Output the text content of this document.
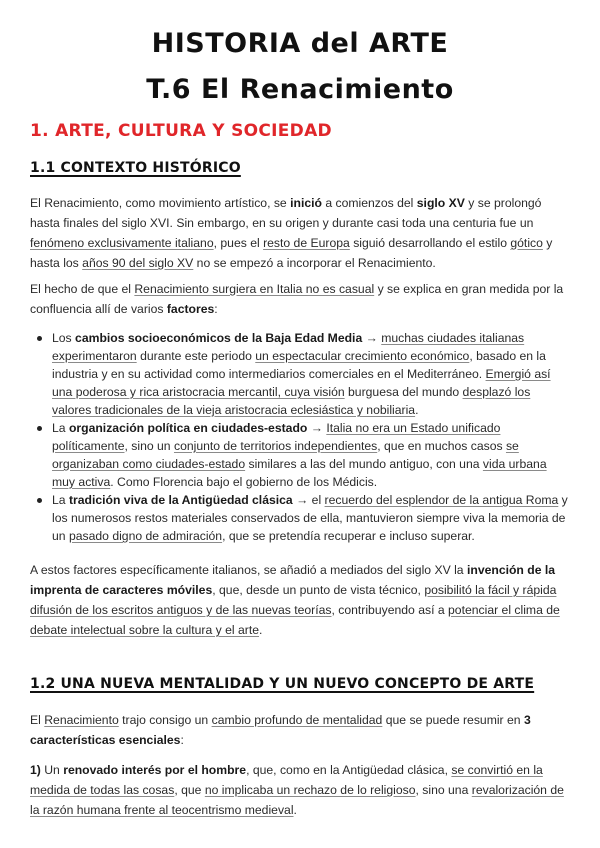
HISTORIA del ARTE
T.6 El Renacimiento
1. ARTE, CULTURA Y SOCIEDAD
1.1 CONTEXTO HISTÓRICO
El Renacimiento, como movimiento artístico, se inició a comienzos del siglo XV y se prolongó hasta finales del siglo XVI. Sin embargo, en su origen y durante casi toda una centuria fue un fenómeno exclusivamente italiano, pues el resto de Europa siguió desarrollando el estilo gótico y hasta los años 90 del siglo XV no se empezó a incorporar el Renacimiento.
El hecho de que el Renacimiento surgiera en Italia no es casual y se explica en gran medida por la confluencia allí de varios factores:
Los cambios socioeconómicos de la Baja Edad Media → muchas ciudades italianas experimentaron durante este periodo un espectacular crecimiento económico, basado en la industria y en su actividad como intermediarios comerciales en el Mediterráneo. Emergió así una poderosa y rica aristocracia mercantil, cuya visión burguesa del mundo desplazó los valores tradicionales de la vieja aristocracia eclesiástica y nobiliaria.
La organización política en ciudades-estado → Italia no era un Estado unificado políticamente, sino un conjunto de territorios independientes, que en muchos casos se organizaban como ciudades-estado similares a las del mundo antiguo, con una vida urbana muy activa. Como Florencia bajo el gobierno de los Médicis.
La tradición viva de la Antigüedad clásica → el recuerdo del esplendor de la antigua Roma y los numerosos restos materiales conservados de ella, mantuvieron siempre viva la memoria de un pasado digno de admiración, que se pretendía recuperar e incluso superar.
A estos factores específicamente italianos, se añadió a mediados del siglo XV la invención de la imprenta de caracteres móviles, que, desde un punto de vista técnico, posibilitó la fácil y rápida difusión de los escritos antiguos y de las nuevas teorías, contribuyendo así a potenciar el clima de debate intelectual sobre la cultura y el arte.
1.2 UNA NUEVA MENTALIDAD Y UN NUEVO CONCEPTO DE ARTE
El Renacimiento trajo consigo un cambio profundo de mentalidad que se puede resumir en 3 características esenciales:
1) Un renovado interés por el hombre, que, como en la Antigüedad clásica, se convirtió en la medida de todas las cosas, que no implicaba un rechazo de lo religioso, sino una revalorización de la razón humana frente al teocentrismo medieval.
